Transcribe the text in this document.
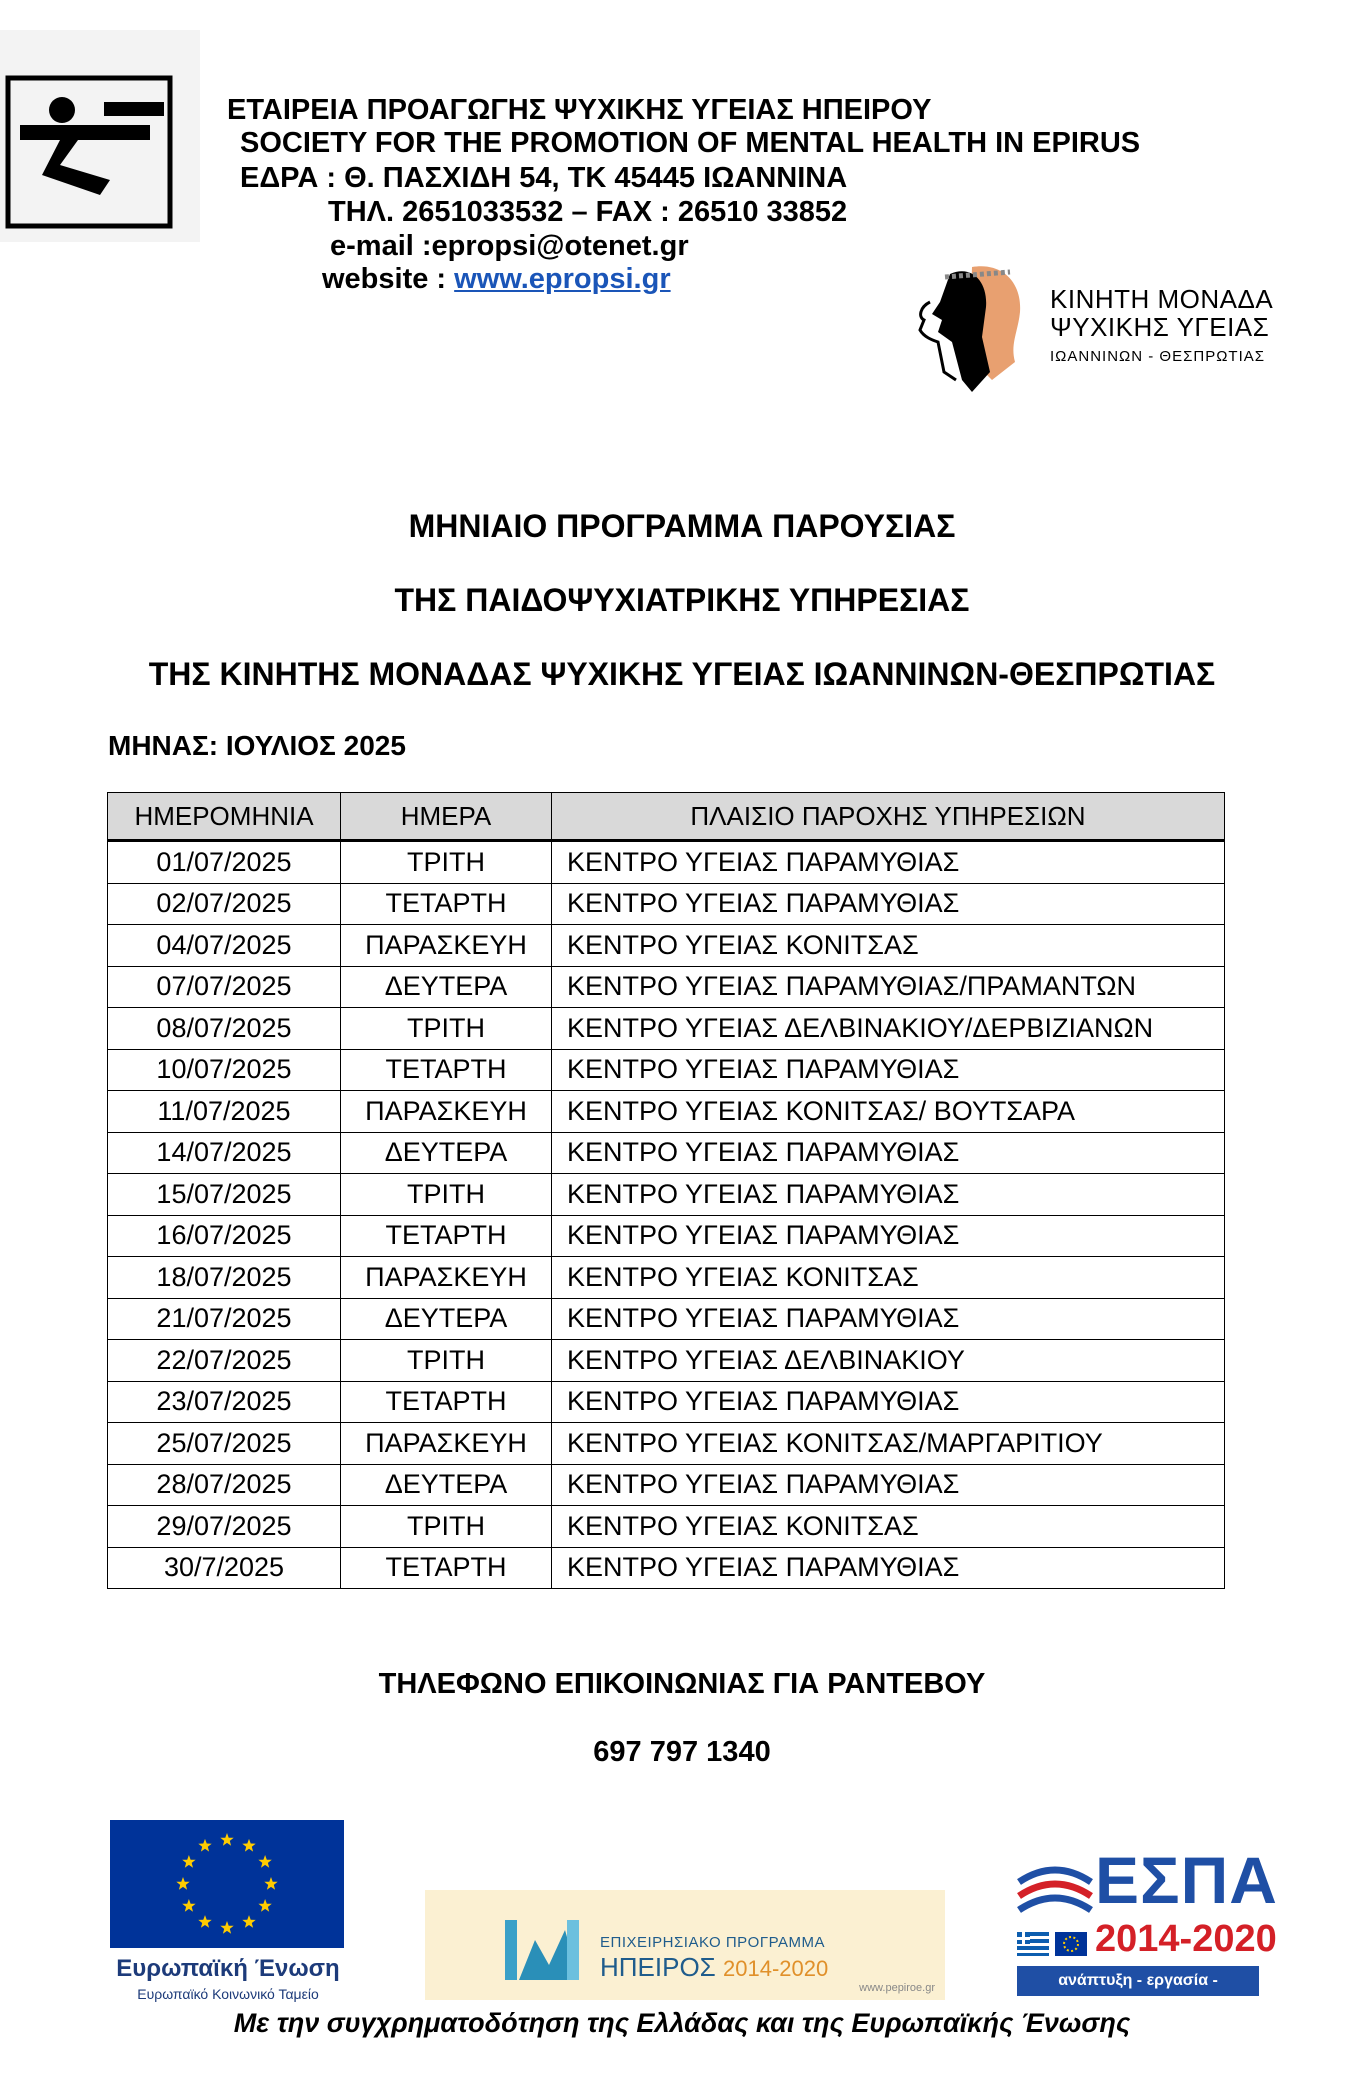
ΕΤΑΙΡΕΙΑ ΠΡΟΑΓΩΓΗΣ ΨΥΧΙΚΗΣ ΥΓΕΙΑΣ ΗΠΕΙΡΟΥ
SOCIETY FOR THE PROMOTION OF MENTAL HEALTH IN EPIRUS
ΕΔΡΑ : Θ. ΠΑΣΧΙΔΗ 54, ΤΚ 45445 ΙΩΑΝΝΙΝΑ
ΤΗΛ. 2651033532 – FAX : 26510 33852
e-mail :epropsi@otenet.gr
website : www.epropsi.gr
ΚΙΝΗΤΗ ΜΟΝΑΔΑ
ΨΥΧΙΚΗΣ ΥΓΕΙΑΣ
ΙΩΑΝΝΙΝΩΝ - ΘΕΣΠΡΩΤΙΑΣ
ΜΗΝΙΑΙΟ ΠΡΟΓΡΑΜΜΑ ΠΑΡΟΥΣΙΑΣ
ΤΗΣ ΠΑΙΔΟΨΥΧΙΑΤΡΙΚΗΣ ΥΠΗΡΕΣΙΑΣ
ΤΗΣ ΚΙΝΗΤΗΣ ΜΟΝΑΔΑΣ ΨΥΧΙΚΗΣ ΥΓΕΙΑΣ ΙΩΑΝΝΙΝΩΝ-ΘΕΣΠΡΩΤΙΑΣ
ΜΗΝΑΣ: ΙΟΥΛΙΟΣ 2025
ΗΜΕΡΟΜΗΝΙΑ	ΗΜΕΡΑ	ΠΛΑΙΣΙΟ ΠΑΡΟΧΗΣ ΥΠΗΡΕΣΙΩΝ
01/07/2025	ΤΡΙΤΗ	ΚΕΝΤΡΟ ΥΓΕΙΑΣ ΠΑΡΑΜΥΘΙΑΣ
02/07/2025	ΤΕΤΑΡΤΗ	ΚΕΝΤΡΟ ΥΓΕΙΑΣ ΠΑΡΑΜΥΘΙΑΣ
04/07/2025	ΠΑΡΑΣΚΕΥΗ	ΚΕΝΤΡΟ ΥΓΕΙΑΣ ΚΟΝΙΤΣΑΣ
07/07/2025	ΔΕΥΤΕΡΑ	ΚΕΝΤΡΟ ΥΓΕΙΑΣ ΠΑΡΑΜΥΘΙΑΣ/ΠΡΑΜΑΝΤΩΝ
08/07/2025	ΤΡΙΤΗ	ΚΕΝΤΡΟ ΥΓΕΙΑΣ ΔΕΛΒΙΝΑΚΙΟΥ/ΔΕΡΒΙΖΙΑΝΩΝ
10/07/2025	ΤΕΤΑΡΤΗ	ΚΕΝΤΡΟ ΥΓΕΙΑΣ ΠΑΡΑΜΥΘΙΑΣ
11/07/2025	ΠΑΡΑΣΚΕΥΗ	ΚΕΝΤΡΟ ΥΓΕΙΑΣ ΚΟΝΙΤΣΑΣ/ ΒΟΥΤΣΑΡΑ
14/07/2025	ΔΕΥΤΕΡΑ	ΚΕΝΤΡΟ ΥΓΕΙΑΣ ΠΑΡΑΜΥΘΙΑΣ
15/07/2025	ΤΡΙΤΗ	ΚΕΝΤΡΟ ΥΓΕΙΑΣ ΠΑΡΑΜΥΘΙΑΣ
16/07/2025	ΤΕΤΑΡΤΗ	ΚΕΝΤΡΟ ΥΓΕΙΑΣ ΠΑΡΑΜΥΘΙΑΣ
18/07/2025	ΠΑΡΑΣΚΕΥΗ	ΚΕΝΤΡΟ ΥΓΕΙΑΣ ΚΟΝΙΤΣΑΣ
21/07/2025	ΔΕΥΤΕΡΑ	ΚΕΝΤΡΟ ΥΓΕΙΑΣ ΠΑΡΑΜΥΘΙΑΣ
22/07/2025	ΤΡΙΤΗ	ΚΕΝΤΡΟ ΥΓΕΙΑΣ ΔΕΛΒΙΝΑΚΙΟΥ
23/07/2025	ΤΕΤΑΡΤΗ	ΚΕΝΤΡΟ ΥΓΕΙΑΣ ΠΑΡΑΜΥΘΙΑΣ
25/07/2025	ΠΑΡΑΣΚΕΥΗ	ΚΕΝΤΡΟ ΥΓΕΙΑΣ ΚΟΝΙΤΣΑΣ/ΜΑΡΓΑΡΙΤΙΟΥ
28/07/2025	ΔΕΥΤΕΡΑ	ΚΕΝΤΡΟ ΥΓΕΙΑΣ ΠΑΡΑΜΥΘΙΑΣ
29/07/2025	ΤΡΙΤΗ	ΚΕΝΤΡΟ ΥΓΕΙΑΣ ΚΟΝΙΤΣΑΣ
30/7/2025	ΤΕΤΑΡΤΗ	ΚΕΝΤΡΟ ΥΓΕΙΑΣ ΠΑΡΑΜΥΘΙΑΣ
ΤΗΛΕΦΩΝΟ ΕΠΙΚΟΙΝΩΝΙΑΣ ΓΙΑ ΡΑΝΤΕΒΟΥ
697 797 1340
Ευρωπαϊκή Ένωση
Ευρωπαϊκό Κοινωνικό Ταμείο
ΕΠΙΧΕΙΡΗΣΙΑΚΟ ΠΡΟΓΡΑΜΜΑ
ΗΠΕΙΡΟΣ 2014-2020
www.pepiroe.gr
ΕΣΠΑ
2014-2020
ανάπτυξη - εργασία - αλληλεγγύη
Με την συγχρηματοδότηση της Ελλάδας και της Ευρωπαϊκής Ένωσης
